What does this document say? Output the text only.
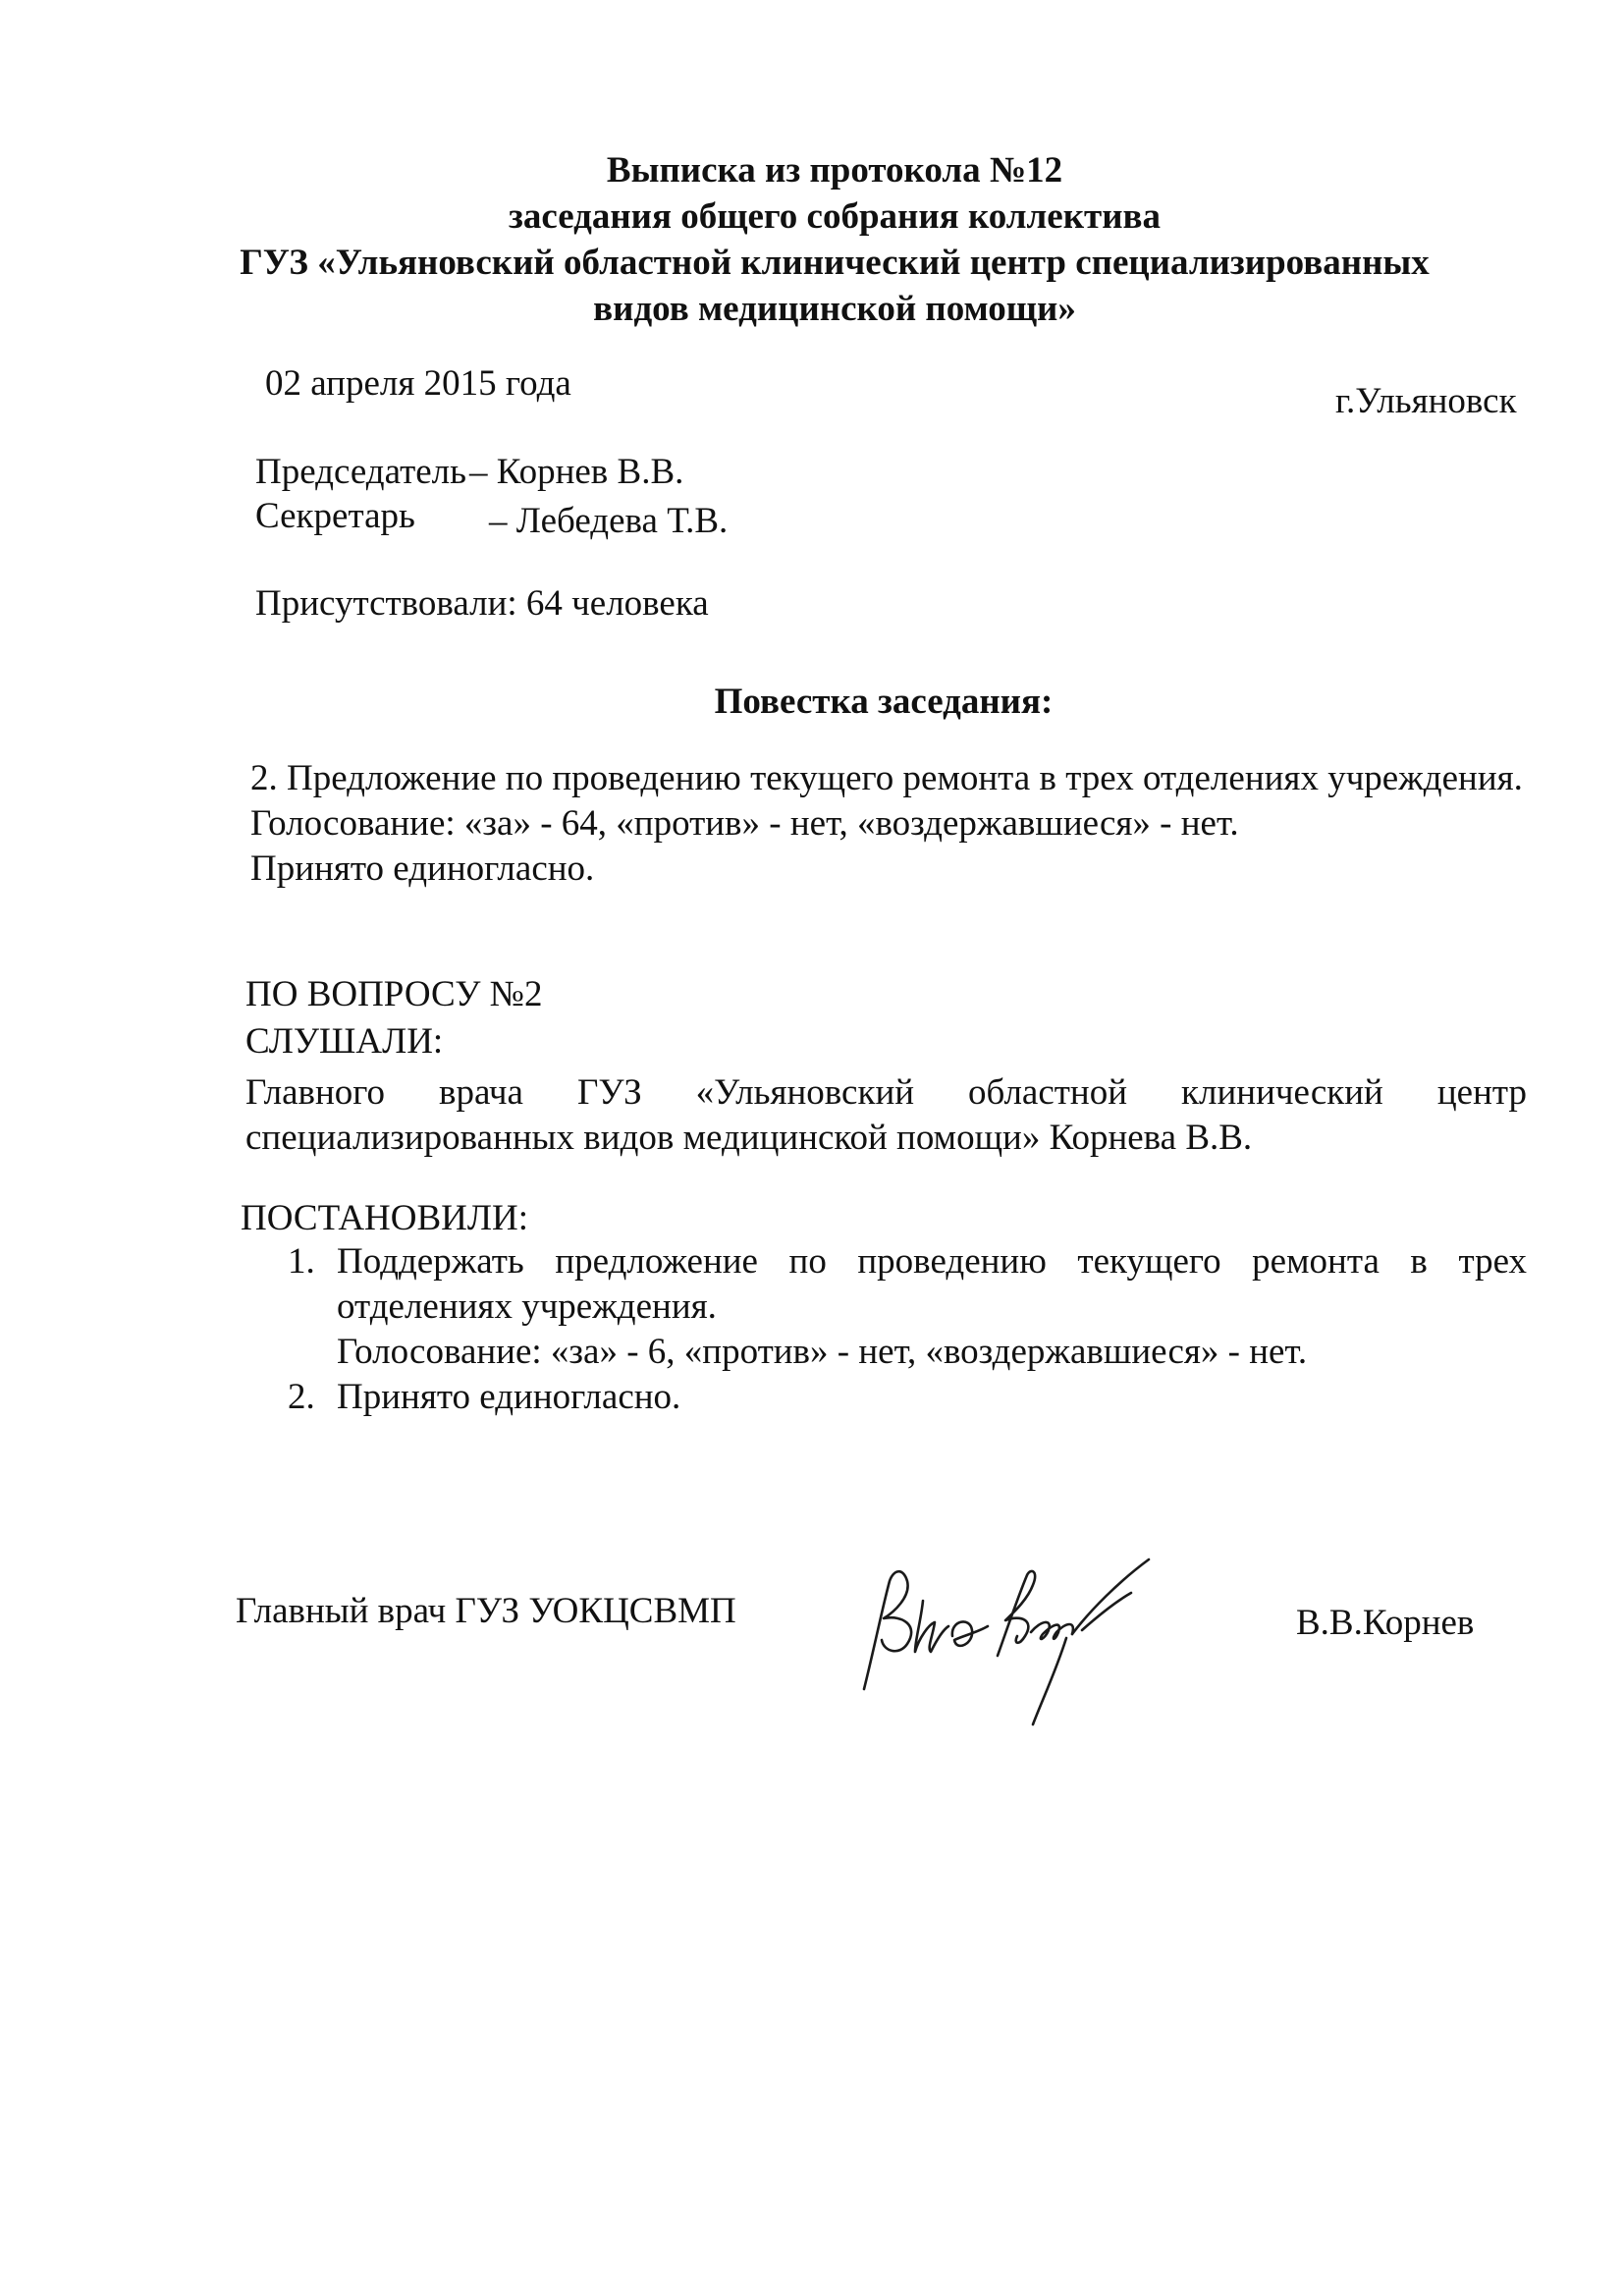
Выписка из протокола №12
заседания общего собрания коллектива
ГУЗ «Ульяновский областной клинический центр специализированных
видов медицинской помощи»
02 апреля 2015 года	г.Ульяновск
Председатель – Корнев В.В.
Секретарь – Лебедева Т.В.
Присутствовали: 64 человека
Повестка заседания:
2. Предложение по проведению текущего ремонта в трех отделениях учреждения.
Голосование: «за» - 64, «против» - нет, «воздержавшиеся» - нет.
Принято единогласно.
ПО ВОПРОСУ №2
СЛУШАЛИ:
Главного врача ГУЗ «Ульяновский областной клинический центр специализированных видов медицинской помощи» Корнева В.В.
ПОСТАНОВИЛИ:
1. Поддержать предложение по проведению текущего ремонта в трех отделениях учреждения.
Голосование: «за» - 6, «против» - нет, «воздержавшиеся» - нет.
2. Принято единогласно.
Главный врач ГУЗ УОКЦСВМП	В.В.Корнев
